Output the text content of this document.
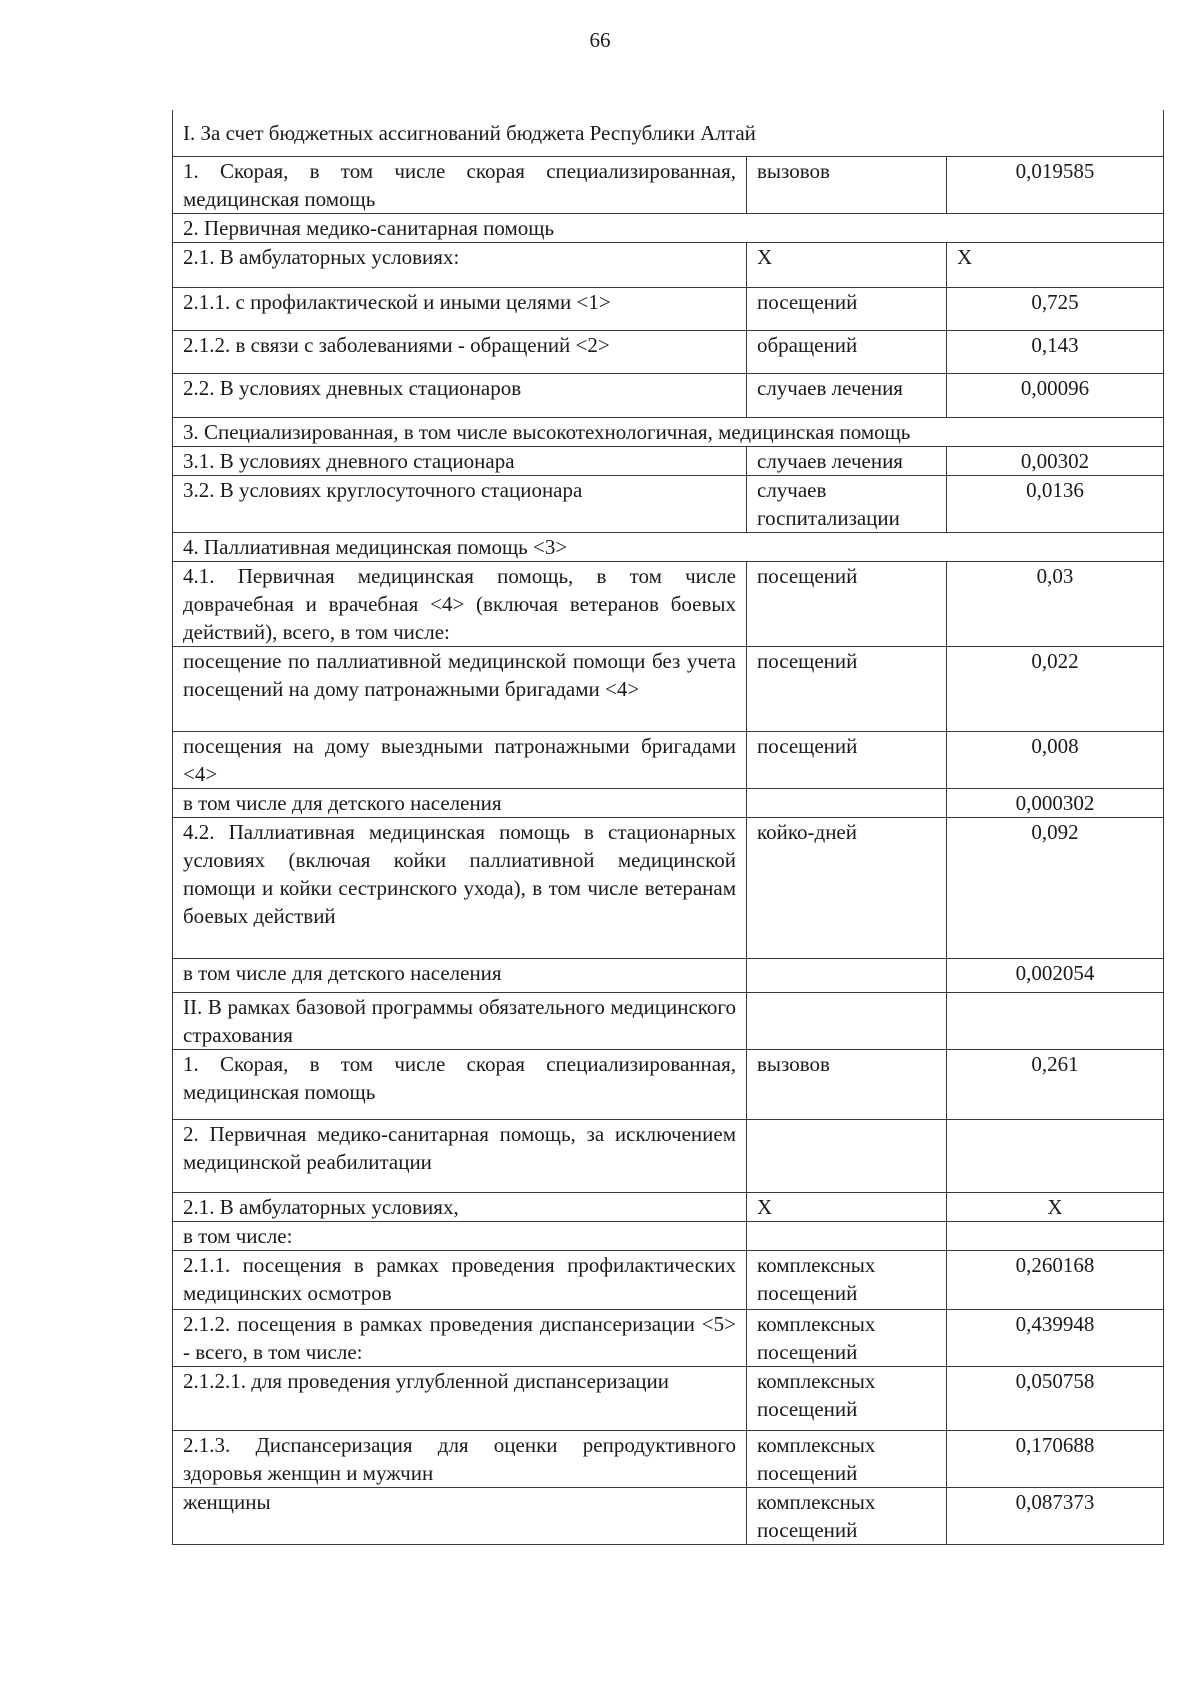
66
I. За счет бюджетных ассигнований бюджета Республики Алтай		
1. Скорая, в том числе скорая специализированная, медицинская помощь	вызовов	0,019585
2. Первичная медико-санитарная помощь		
2.1. В амбулаторных условиях:	Х	Х
2.1.1. с профилактической и иными целями <1>	посещений	0,725
2.1.2. в связи с заболеваниями - обращений <2>	обращений	0,143
2.2. В условиях дневных стационаров	случаев лечения	0,00096
3. Специализированная, в том числе высокотехнологичная, медицинская помощь		
3.1. В условиях дневного стационара	случаев лечения	0,00302
3.2. В условиях круглосуточного стационара	случаев госпитализации	0,0136
4. Паллиативная медицинская помощь <3>		
4.1. Первичная медицинская помощь, в том числе доврачебная и врачебная <4> (включая ветеранов боевых действий), всего, в том числе:	посещений	0,03
посещение по паллиативной медицинской помощи без учета посещений на дому патронажными бригадами <4>	посещений	0,022
посещения на дому выездными патронажными бригадами <4>	посещений	0,008
в том числе для детского населения		0,000302
4.2. Паллиативная медицинская помощь в стационарных условиях (включая койки паллиативной медицинской помощи и койки сестринского ухода), в том числе ветеранам боевых действий	койко-дней	0,092
в том числе для детского населения		0,002054
II. В рамках базовой программы обязательного медицинского страхования		
1. Скорая, в том числе скорая специализированная, медицинская помощь	вызовов	0,261
2. Первичная медико-санитарная помощь, за исключением медицинской реабилитации		
2.1. В амбулаторных условиях,	Х	Х
в том числе:		
2.1.1. посещения в рамках проведения профилактических медицинских осмотров	комплексных посещений	0,260168
2.1.2. посещения в рамках проведения диспансеризации <5> - всего, в том числе:	комплексных посещений	0,439948
2.1.2.1. для проведения углубленной диспансеризации	комплексных посещений	0,050758
2.1.3. Диспансеризация для оценки репродуктивного здоровья женщин и мужчин	комплексных посещений	0,170688
женщины	комплексных посещений	0,087373
